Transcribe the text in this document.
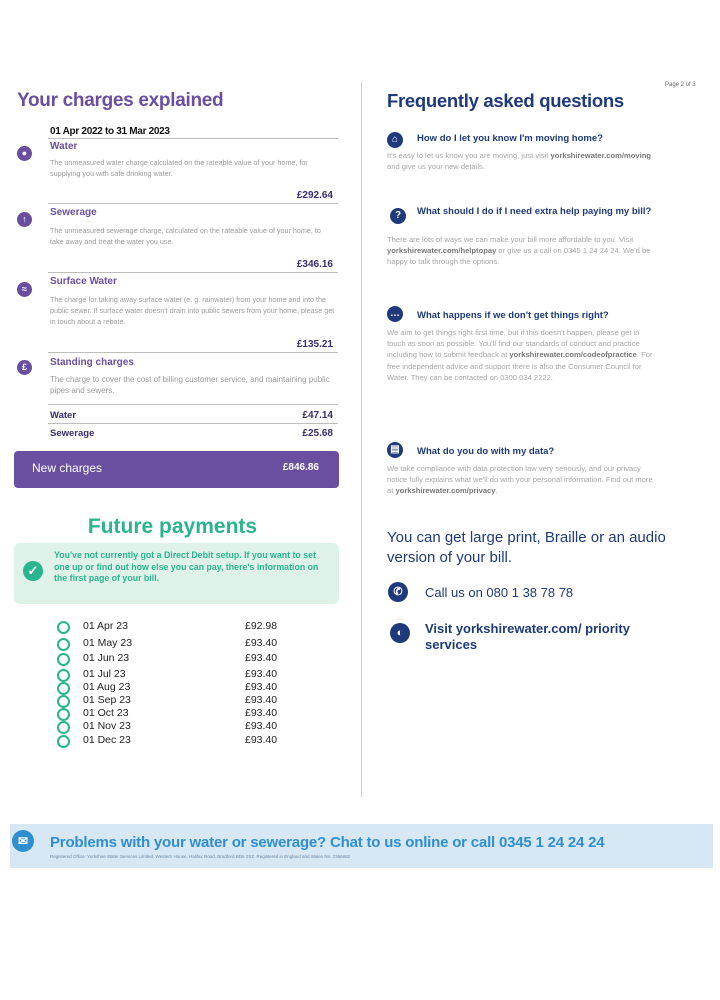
Page 2 of 3
Your charges explained
01 Apr 2022 to 31 Mar 2023
●
Water
The unmeasured water charge calculated on the rateable value of your home, for supplying you with safe drinking water.
£292.64
↑
Sewerage
The unmeasured sewerage charge, calculated on the rateable value of your home, to take away and treat the water you use.
£346.16
≈
Surface Water
The charge for taking away surface water (e. g. rainwater) from your home and into the public sewer. If surface water doesn't drain into public sewers from your home, please get in touch about a rebate.
£135.21
£	Standing charges
The charge to cover the cost of billing customer service, and maintaining public pipes and sewers.
Water	£47.14
Sewerage	£25.68
New charges	£846.86
Future payments
✓
You've not currently got a Direct Debit setup. If you want to set one up or find out how else you can pay, there's information on the first page of your bill.
01 Apr 23	£92.98
01 May 23	£93.40
01 Jun 23	£93.40
01 Jul 23	£93.40
01 Aug 23	£93.40
01 Sep 23	£93.40
01 Oct 23	£93.40
01 Nov 23	£93.40
01 Dec 23	£93.40
Frequently asked questions
⌂	How do I let you know I'm moving home?
It's easy to let us know you are moving, just visit yorkshirewater.com/moving and give us your new details.
?	What should I do if I need extra help paying my bill?
There are lots of ways we can make your bill more affordable to you. Visit yorkshirewater.com/helptopay or give us a call on 0345 1 24 24 24. We'd be happy to talk through the options.
…	What happens if we don't get things right?
We aim to get things right first time, but if this doesn't happen, please get in touch as soon as possible. You'll find our standards of conduct and practice including how to submit feedback at yorkshirewater.com/codeofpractice. For free independent advice and support there is also the Consumer Council for Water. They can be contacted on 0300 034 2222.
▤	What do you do with my data?
We take compliance with data protection law very seriously, and our privacy notice fully explains what we'll do with your personal information. Find out more at yorkshirewater.com/privacy.
You can get large print, Braille or an audio version of your bill.
✆	Call us on 080 1 38 78 78
◐	Visit yorkshirewater.com/ priority services
✉	Problems with your water or sewerage? Chat to us online or call 0345 1 24 24 24
Registered Office: Yorkshire Water Services Limited, Western House, Halifax Road, Bradford BD6 2SZ. Registered in England and Wales No. 2366682
